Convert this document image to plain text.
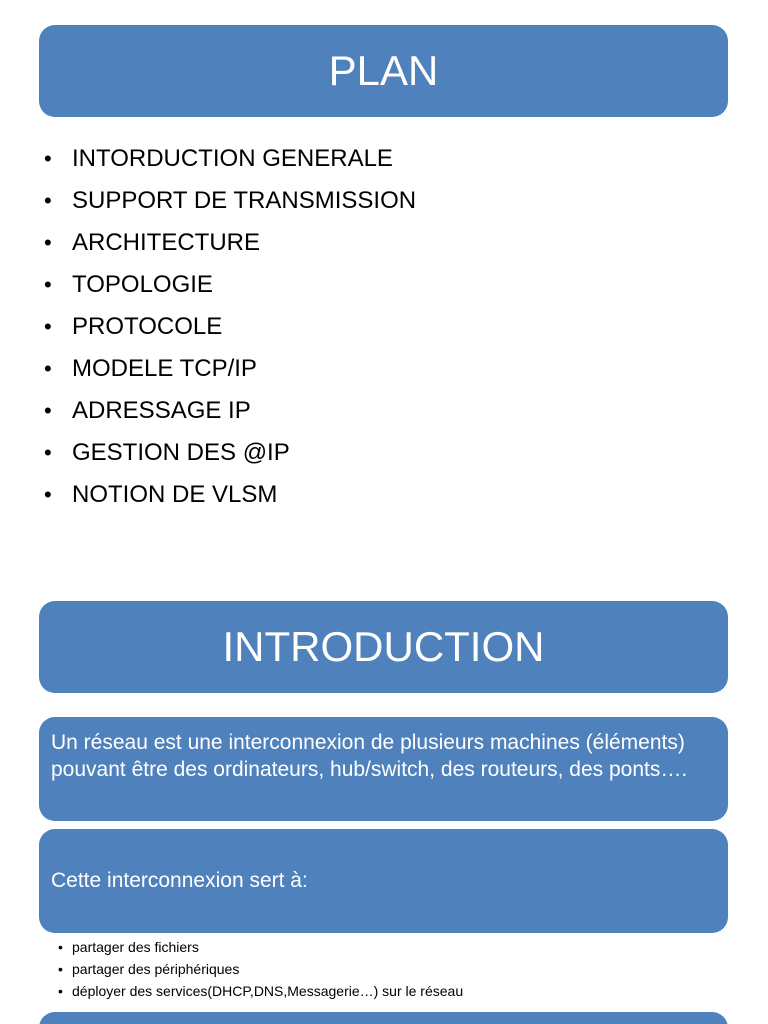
PLAN
• INTORDUCTION GENERALE
• SUPPORT DE TRANSMISSION
• ARCHITECTURE
• TOPOLOGIE
• PROTOCOLE
• MODELE TCP/IP
• ADRESSAGE IP
• GESTION DES @IP
• NOTION DE VLSM
INTRODUCTION
Un réseau est une interconnexion de plusieurs machines (éléments) pouvant être des ordinateurs, hub/switch, des routeurs, des ponts….
Cette interconnexion sert à:
• partager des fichiers
• partager des périphériques
• déployer des services(DHCP,DNS,Messagerie…) sur le réseau
